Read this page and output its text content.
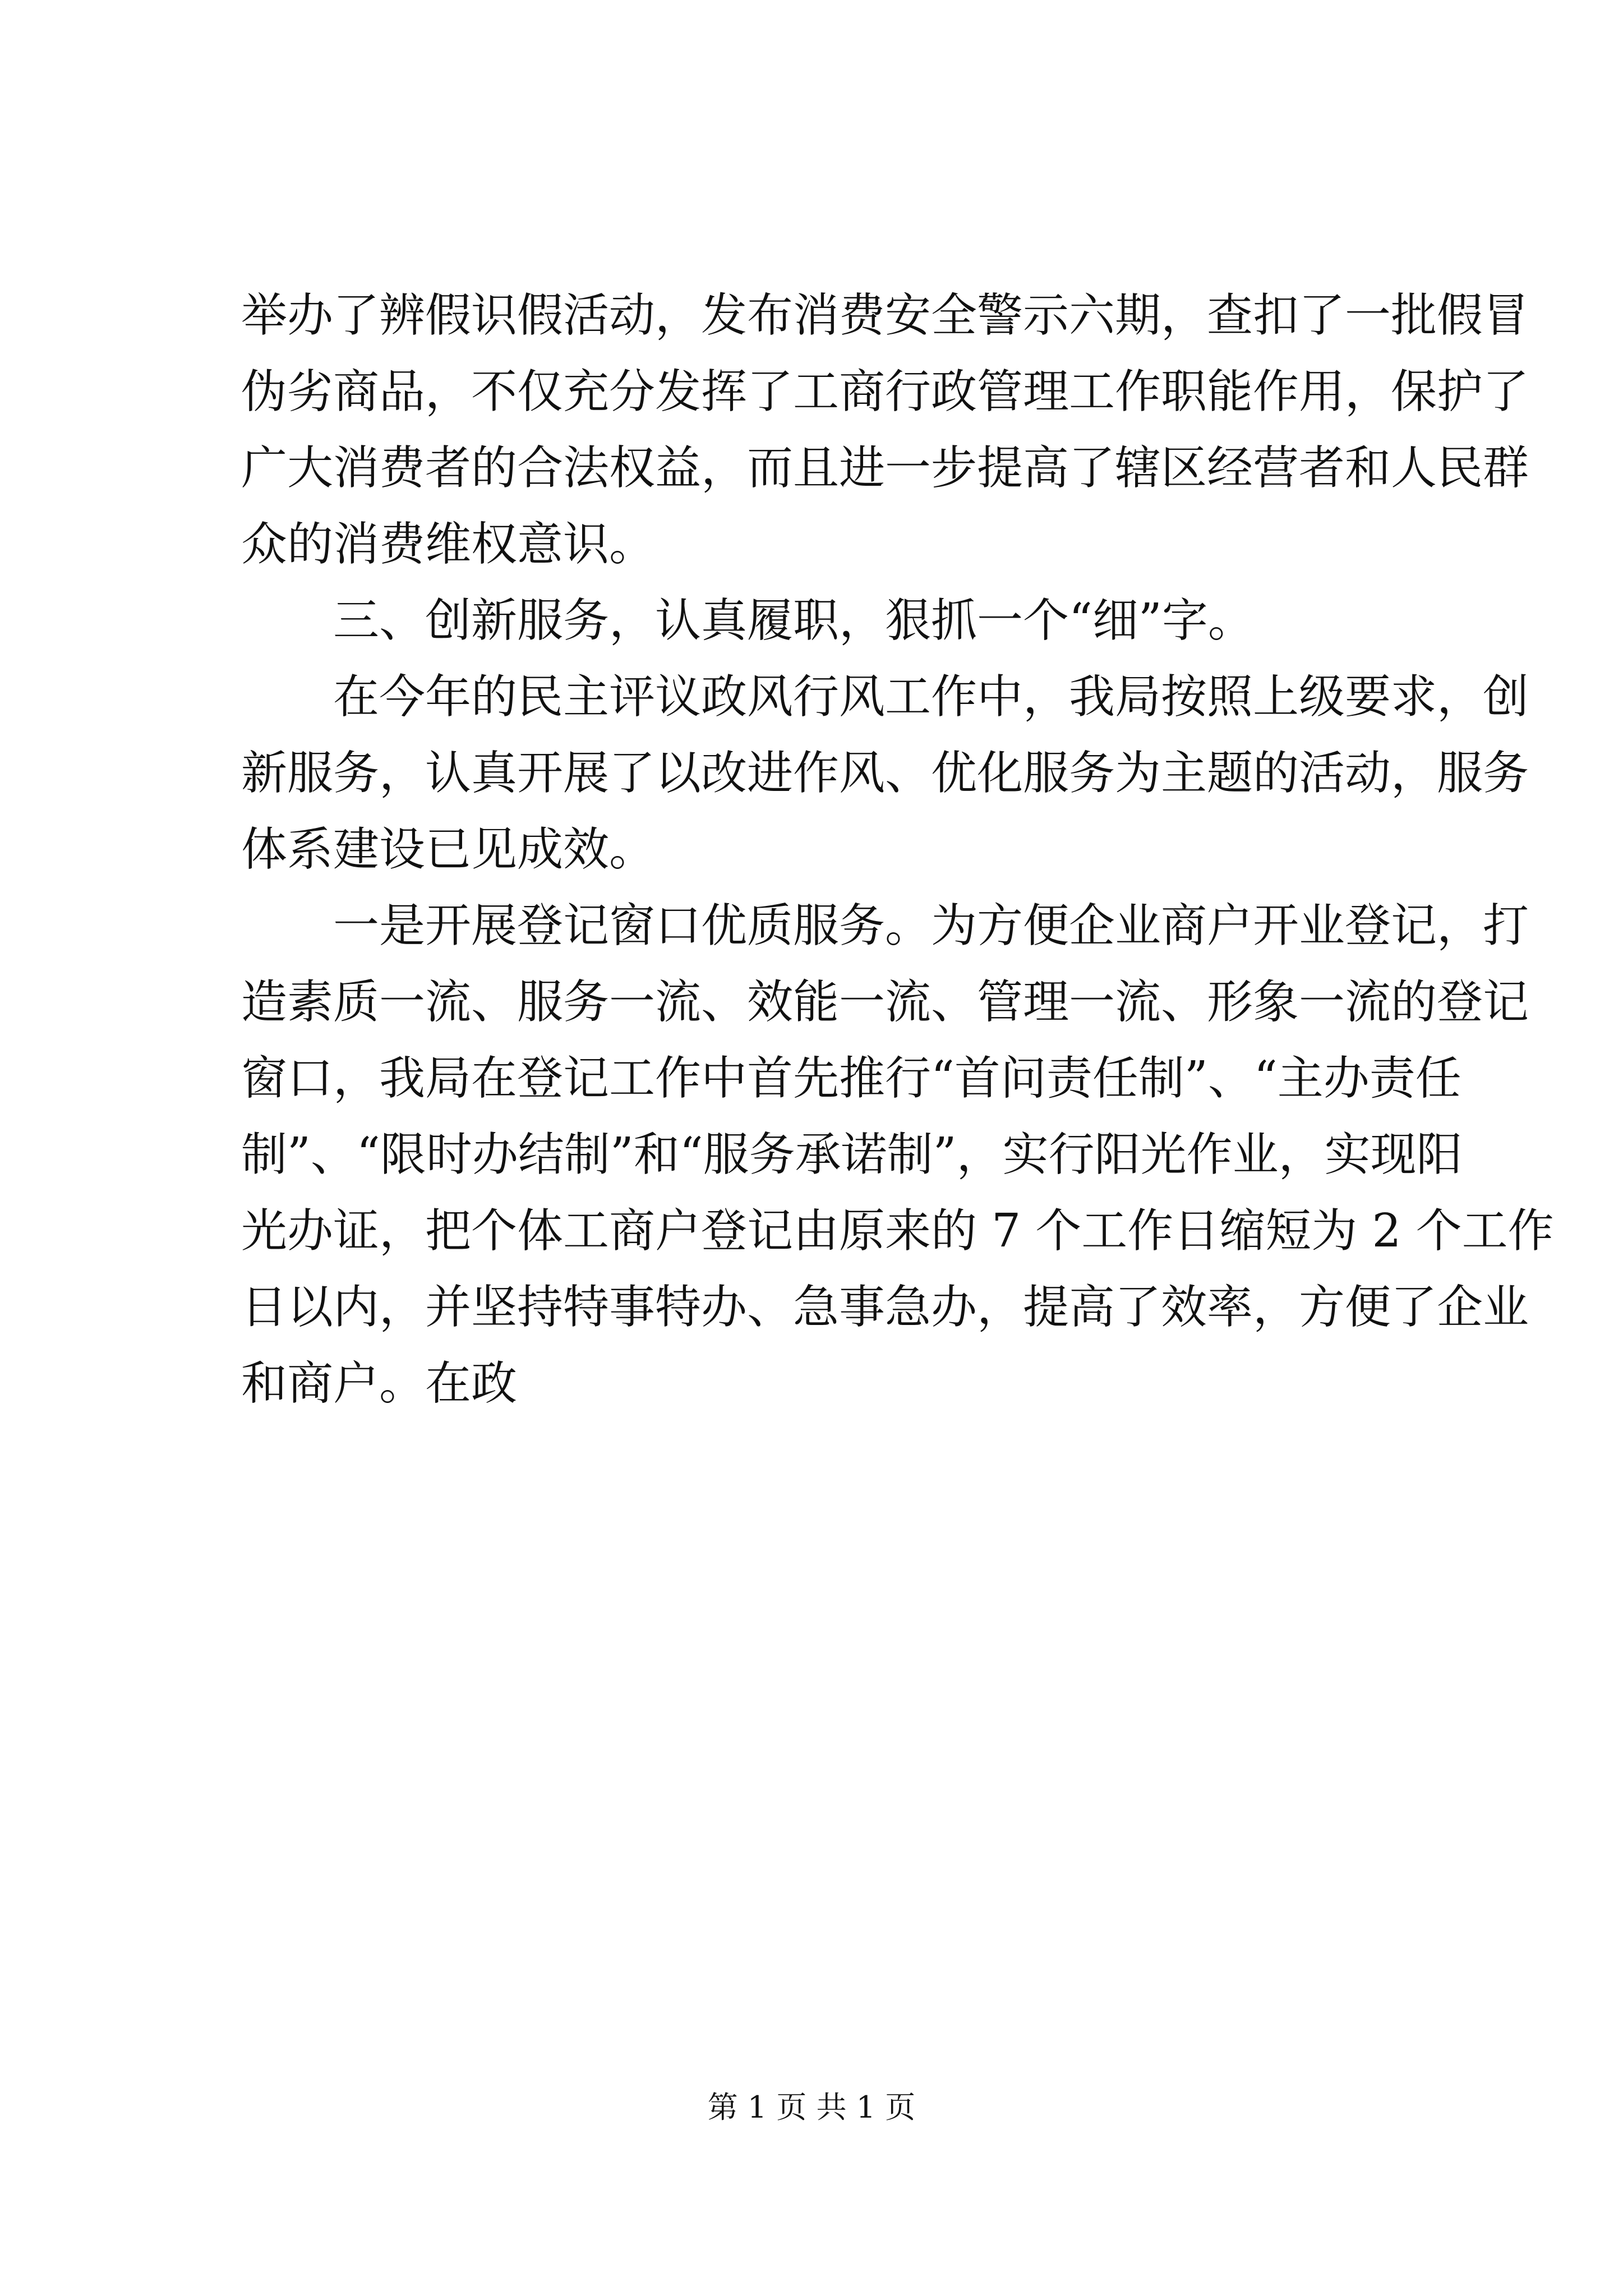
举办了辨假识假活动，发布消费安全警示六期，查扣了一批假冒
伪劣商品，不仅充分发挥了工商行政管理工作职能作用，保护了
广大消费者的合法权益，而且进一步提高了辖区经营者和人民群
众的消费维权意识。
三、创新服务，认真履职，狠抓一个“细”字。
在今年的民主评议政风行风工作中，我局按照上级要求，创
新服务，认真开展了以改进作风、优化服务为主题的活动，服务
体系建设已见成效。
一是开展登记窗口优质服务。为方便企业商户开业登记，打
造素质一流、服务一流、效能一流、管理一流、形象一流的登记
窗口，我局在登记工作中首先推行“首问责任制”、“主办责任
制”、“限时办结制”和“服务承诺制”，实行阳光作业，实现阳
光办证，把个体工商户登记由原来的 7 个工作日缩短为 2 个工作
日以内，并坚持特事特办、急事急办，提高了效率，方便了企业
和商户。在政
第 1 页 共 1 页
